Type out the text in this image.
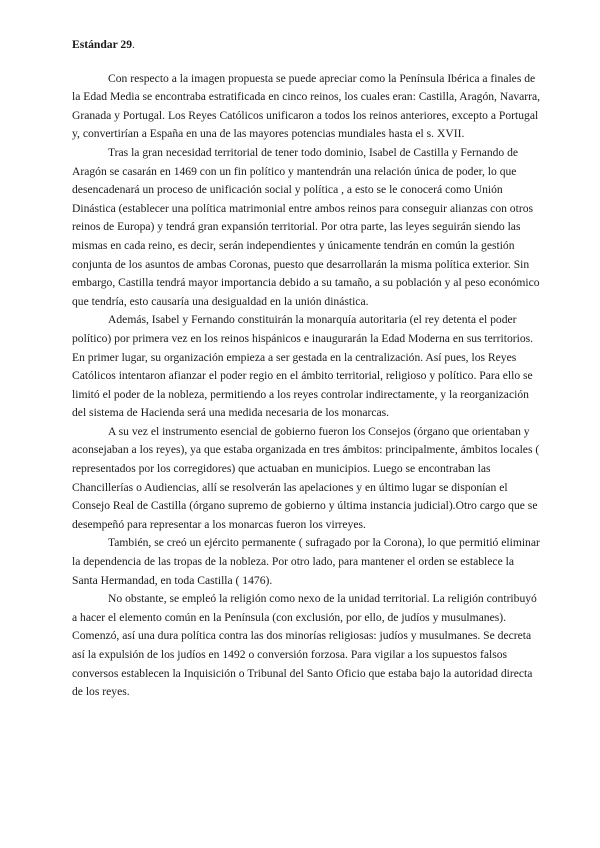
Estándar 29.

Con respecto a la imagen propuesta se puede apreciar como la Península Ibérica a finales de la Edad Media se encontraba estratificada en cinco reinos, los cuales eran: Castilla, Aragón, Navarra, Granada y Portugal. Los Reyes Católicos unificaron a todos los reinos anteriores, excepto a Portugal y, convertirían a España en una de las mayores potencias mundiales hasta el s. XVII.

Tras la gran necesidad territorial de tener todo dominio, Isabel de Castilla y Fernando de Aragón se casarán en 1469 con un fin político y mantendrán una relación única de poder, lo que desencadenará un proceso de unificación social y política , a esto se le conocerá como Unión Dinástica (establecer una política matrimonial entre ambos reinos para conseguir alianzas con otros reinos de Europa) y tendrá gran expansión territorial. Por otra parte, las leyes seguirán siendo las mismas en cada reino, es decir, serán independientes y únicamente tendrán en común la gestión conjunta de los asuntos de ambas Coronas, puesto que desarrollarán la misma política exterior. Sin embargo, Castilla tendrá mayor importancia debido a su tamaño, a su población y al peso económico que tendría, esto causaría una desigualdad en la unión dinástica.

Además, Isabel y Fernando constituirán la monarquía autoritaria (el rey detenta el poder político) por primera vez en los reinos hispánicos e inaugurarán la Edad Moderna en sus territorios. En primer lugar, su organización empieza a ser gestada en la centralización. Así pues, los Reyes Católicos intentaron afianzar el poder regio en el ámbito territorial, religioso y político. Para ello se limitó el poder de la nobleza, permitiendo a los reyes controlar indirectamente, y la reorganización del sistema de Hacienda será una medida necesaria de los monarcas.

A su vez el instrumento esencial de gobierno fueron los Consejos (órgano que orientaban y aconsejaban a los reyes), ya que estaba organizada en tres ámbitos: principalmente, ámbitos locales ( representados por los corregidores) que actuaban en municipios. Luego se encontraban las Chancillerías o Audiencias, allí se resolverán las apelaciones y en último lugar se disponían el Consejo Real de Castilla (órgano supremo de gobierno y última instancia judicial).Otro cargo que se desempeñó para representar a los monarcas fueron los virreyes.

También, se creó un ejército permanente ( sufragado por la Corona), lo que permitió eliminar la dependencia de las tropas de la nobleza. Por otro lado, para mantener el orden se establece la Santa Hermandad, en toda Castilla ( 1476).

No obstante, se empleó la religión como nexo de la unidad territorial. La religión contribuyó a hacer el elemento común en la Península (con exclusión, por ello, de judíos y musulmanes). Comenzó, así una dura política contra las dos minorías religiosas: judíos y musulmanes. Se decreta así la expulsión de los judíos en 1492 o conversión forzosa. Para vigilar a los supuestos falsos conversos establecen la Inquisición o Tribunal del Santo Oficio que estaba bajo la autoridad directa de los reyes.
